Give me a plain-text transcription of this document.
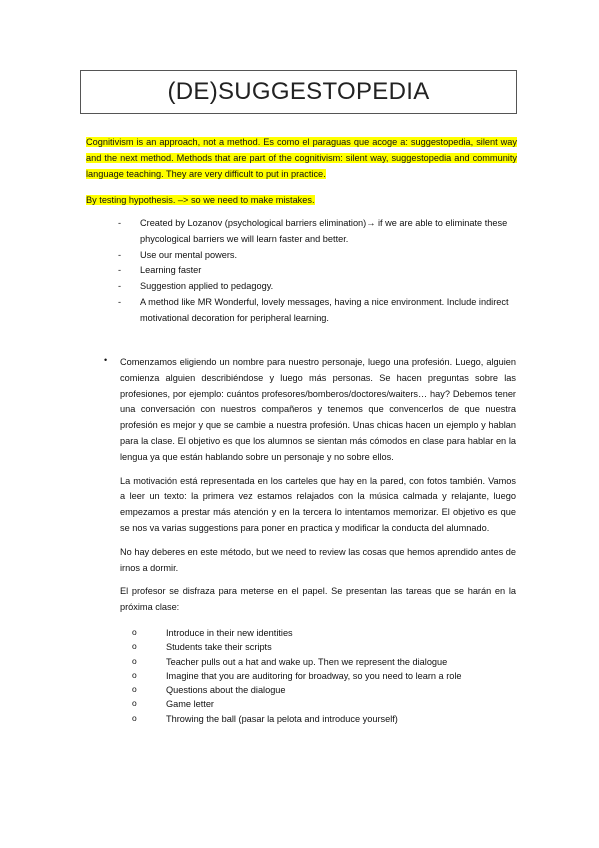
(DE)SUGGESTOPEDIA
Cognitivism is an approach, not a method. Es como el paraguas que acoge a: suggestopedia, silent way and the next method. Methods that are part of the cognitivism: silent way, suggestopedia and community language teaching. They are very difficult to put in practice.
By testing hypothesis. –> so we need to make mistakes.
- Created by Lozanov (psychological barriers elimination)→ if we are able to eliminate these phycological barriers we will learn faster and better.
- Use our mental powers.
- Learning faster
- Suggestion applied to pedagogy.
- A method like MR Wonderful, lovely messages, having a nice environment. Include indirect motivational decoration for peripheral learning.
• Comenzamos eligiendo un nombre para nuestro personaje, luego una profesión. Luego, alguien comienza alguien describiéndose y luego más personas. Se hacen preguntas sobre las profesiones, por ejemplo: cuántos profesores/bomberos/doctores/waiters… hay? Debemos tener una conversación con nuestros compañeros y tenemos que convencerlos de que nuestra profesión es mejor y que se cambie a nuestra profesión. Unas chicas hacen un ejemplo y hablan para la clase. El objetivo es que los alumnos se sientan más cómodos en clase para hablar en la lengua ya que están hablando sobre un personaje y no sobre ellos.

La motivación está representada en los carteles que hay en la pared, con fotos también. Vamos a leer un texto: la primera vez estamos relajados con la música calmada y relajante, luego empezamos a prestar más atención y en la tercera lo intentamos memorizar. El objetivo es que se nos va varias suggestions para poner en practica y modificar la conducta del alumnado.

No hay deberes en este método, but we need to review las cosas que hemos aprendido antes de irnos a dormir.

El profesor se disfraza para meterse en el papel. Se presentan las tareas que se harán en la próxima clase:

o Introduce in their new identities
o Students take their scripts
o Teacher pulls out a hat and wake up. Then we represent the dialogue
o Imagine that you are auditoring for broadway, so you need to learn a role
o Questions about the dialogue
o Game letter
o Throwing the ball (pasar la pelota and introduce yourself)
